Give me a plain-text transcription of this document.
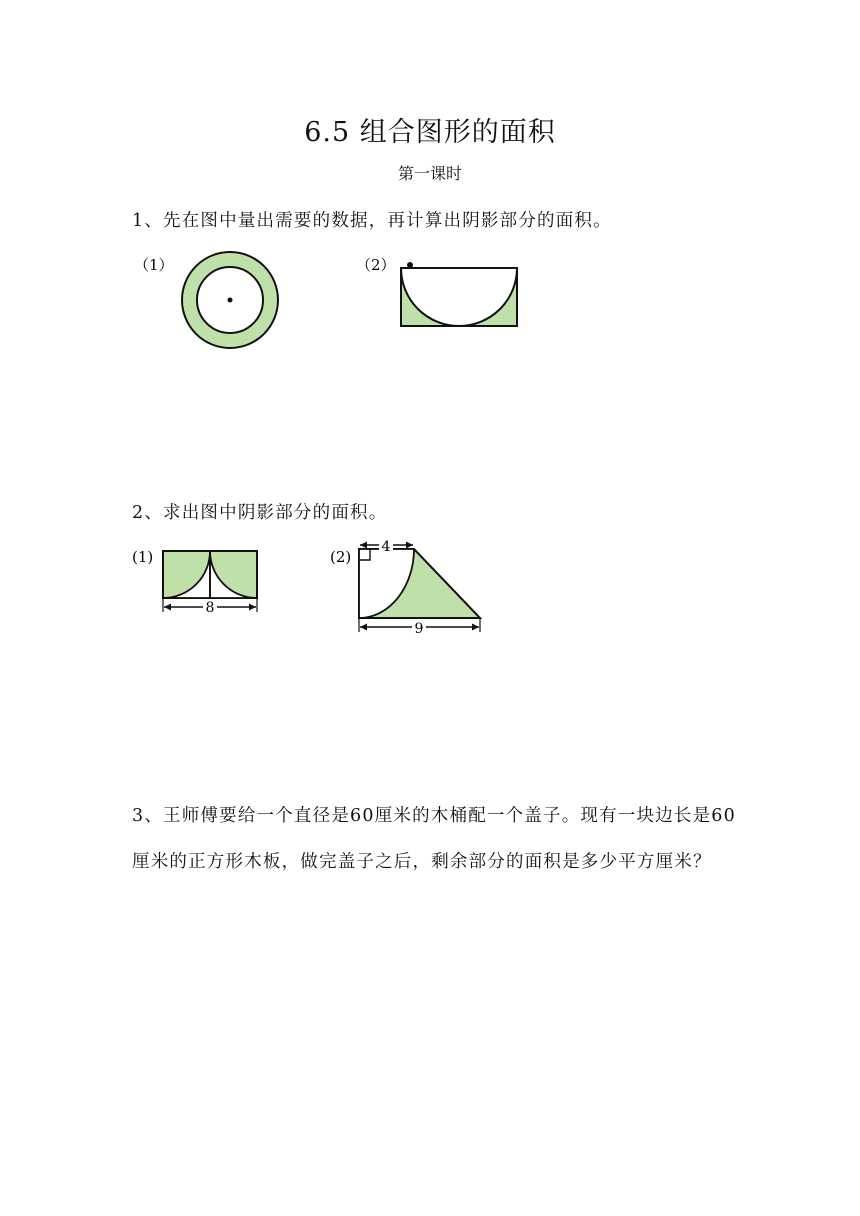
6.5 组合图形的面积
第一课时
1、先在图中量出需要的数据，再计算出阴影部分的面积。
（1）	（2）
2、求出图中阴影部分的面积。
(1)
8
(2)
4
9
3、王师傅要给一个直径是60厘米的木桶配一个盖子。现有一块边长是60厘米的正方形木板，做完盖子之后，剩余部分的面积是多少平方厘米？
